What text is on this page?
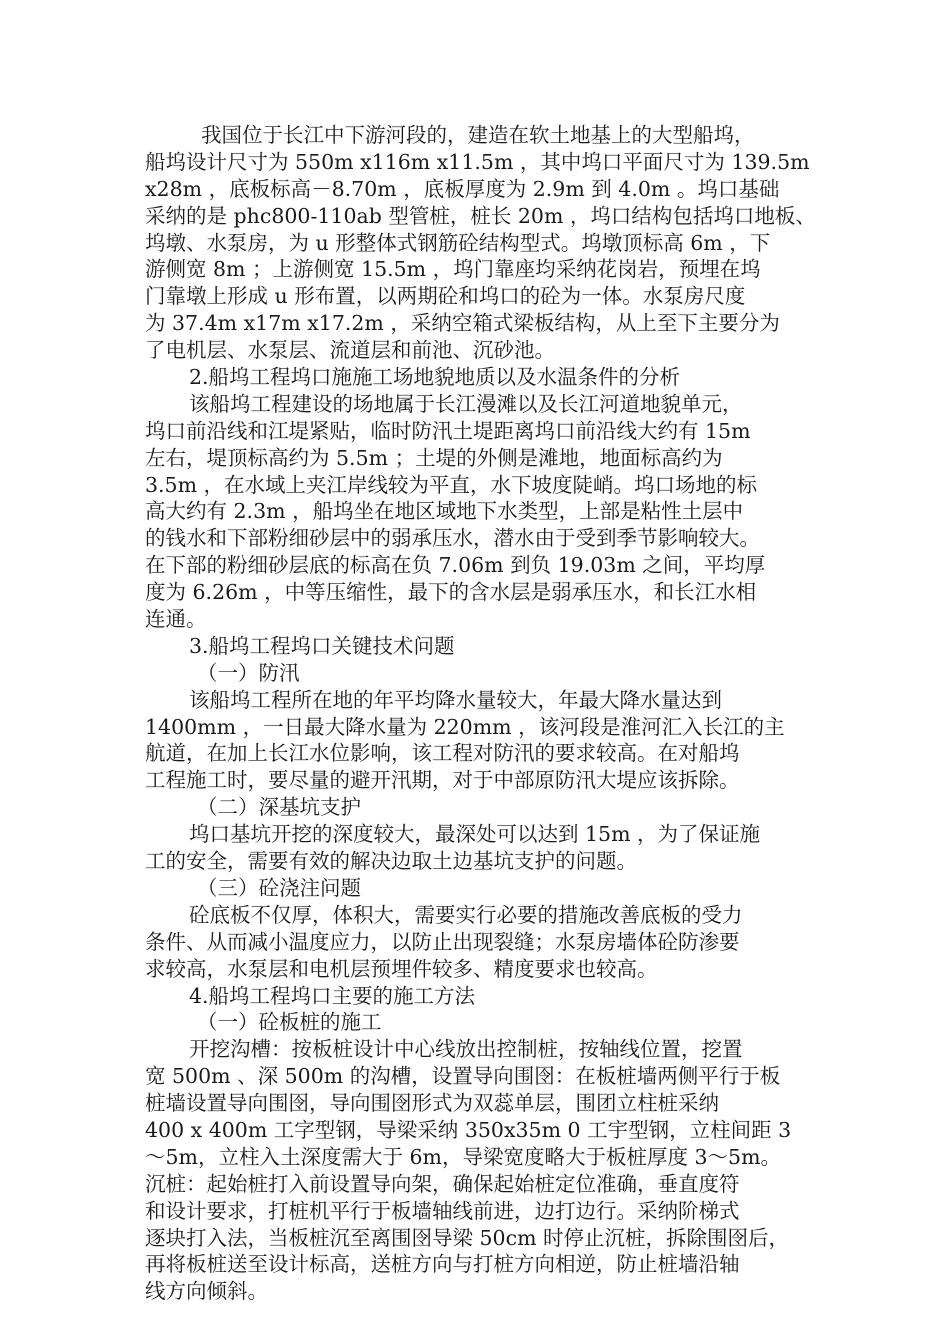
我国位于长江中下游河段的，建造在软土地基上的大型船坞，
船坞设计尺寸为 550m x116m x11.5m ，其中坞口平面尺寸为 139.5m
x28m ，底板标高－8.70m ，底板厚度为 2.9m 到 4.0m 。坞口基础
采纳的是 phc800-110ab 型管桩，桩长 20m ，坞口结构包括坞口地板、
坞墩、水泵房，为 u 形整体式钢筋砼结构型式。坞墩顶标高 6m ，下
游侧宽 8m ；上游侧宽 15.5m ，坞门靠座均采纳花岗岩，预埋在坞
门靠墩上形成 u 形布置，以两期砼和坞口的砼为一体。水泵房尺度
为 37.4m x17m x17.2m ，采纳空箱式梁板结构，从上至下主要分为
了电机层、水泵层、流道层和前池、沉砂池。
2.船坞工程坞口施施工场地貌地质以及水温条件的分析
该船坞工程建设的场地属于长江漫滩以及长江河道地貌单元，
坞口前沿线和江堤紧贴，临时防汛土堤距离坞口前沿线大约有 15m
左右，堤顶标高约为 5.5m ；土堤的外侧是滩地，地面标高约为
3.5m ，在水域上夹江岸线较为平直，水下坡度陡峭。坞口场地的标
高大约有 2.3m ，船坞坐在地区域地下水类型，上部是粘性土层中
的钱水和下部粉细砂层中的弱承压水，潜水由于受到季节影响较大。
在下部的粉细砂层底的标高在负 7.06m 到负 19.03m 之间，平均厚
度为 6.26m ，中等压缩性，最下的含水层是弱承压水，和长江水相
连通。
3.船坞工程坞口关键技术问题
（一）防汛
该船坞工程所在地的年平均降水量较大，年最大降水量达到
1400mm ，一日最大降水量为 220mm ，该河段是淮河汇入长江的主
航道，在加上长江水位影响，该工程对防汛的要求较高。在对船坞
工程施工时，要尽量的避开汛期，对于中部原防汛大堤应该拆除。
（二）深基坑支护
坞口基坑开挖的深度较大，最深处可以达到 15m ，为了保证施
工的安全，需要有效的解决边取土边基坑支护的问题。
（三）砼浇注问题
砼底板不仅厚，体积大，需要实行必要的措施改善底板的受力
条件、从而减小温度应力，以防止出现裂缝；水泵房墙体砼防渗要
求较高，水泵层和电机层预埋件较多、精度要求也较高。
4.船坞工程坞口主要的施工方法
（一）砼板桩的施工
开挖沟槽：按板桩设计中心线放出控制桩，按轴线位置，挖置
宽 500m 、深 500m 的沟槽，设置导向围囹：在板桩墙两侧平行于板
桩墙设置导向围囹，导向围囹形式为双蕊单层，围团立柱桩采纳
400 x 400m 工字型钢，导梁采纳 350x35m 0 工宇型钢，立柱间距 3
～5m，立柱入土深度需大于 6m，导梁宽度略大于板桩厚度 3～5m。
沉桩：起始桩打入前设置导向架，确保起始桩定位准确，垂直度符
和设计要求，打桩机平行于板墙轴线前进，边打边行。采纳阶梯式
逐块打入法，当板桩沉至离围囹导梁 50cm 时停止沉桩，拆除围囹后，
再将板桩送至设计标高，送桩方向与打桩方向相逆，防止桩墙沿轴
线方向倾斜。
